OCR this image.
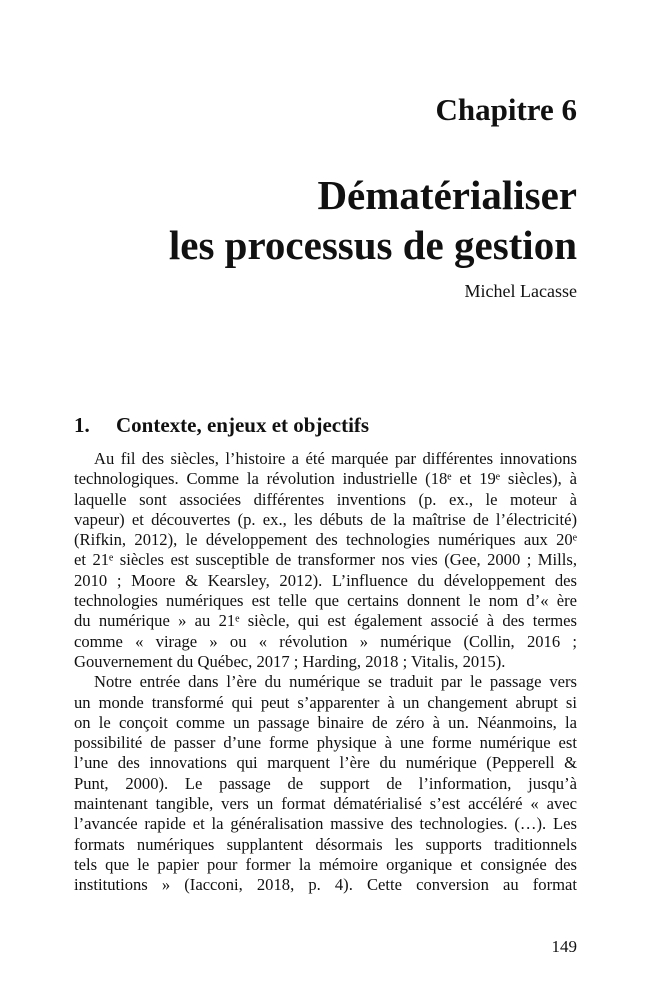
Chapitre 6
Dématérialiser
les processus de gestion
Michel Lacasse
1. Contexte, enjeux et objectifs
Au fil des siècles, l’histoire a été marquée par différentes innovations
technologiques. Comme la révolution industrielle (18ᵉ et 19ᵉ siècles), à
laquelle sont associées différentes inventions (p. ex., le moteur à
vapeur) et découvertes (p. ex., les débuts de la maîtrise de l’électricité)
(Rifkin, 2012), le développement des technologies numériques aux 20ᵉ
et 21ᵉ siècles est susceptible de transformer nos vies (Gee, 2000 ; Mills,
2010 ; Moore & Kearsley, 2012). L’influence du développement des
technologies numériques est telle que certains donnent le nom d’« ère
du numérique » au 21ᵉ siècle, qui est également associé à des termes
comme « virage » ou « révolution » numérique (Collin, 2016 ;
Gouvernement du Québec, 2017 ; Harding, 2018 ; Vitalis, 2015).
Notre entrée dans l’ère du numérique se traduit par le passage vers
un monde transformé qui peut s’apparenter à un changement abrupt si
on le conçoit comme un passage binaire de zéro à un. Néanmoins, la
possibilité de passer d’une forme physique à une forme numérique est
l’une des innovations qui marquent l’ère du numérique (Pepperell &
Punt, 2000). Le passage de support de l’information, jusqu’à
maintenant tangible, vers un format dématérialisé s’est accéléré « avec
l’avancée rapide et la généralisation massive des technologies. (…). Les
formats numériques supplantent désormais les supports traditionnels
tels que le papier pour former la mémoire organique et consignée des
institutions » (Iacconi, 2018, p. 4). Cette conversion au format
149
